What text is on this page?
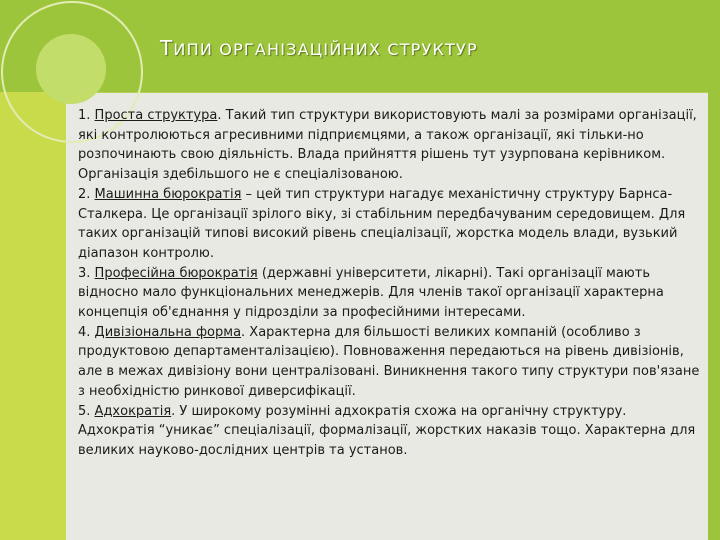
ТИПИ ОРГАНІЗАЦІЙНИХ СТРУКТУР

1. Проста структура. Такий тип структури використовують малі за розмірами організації, які контролюються агресивними підприємцями, а також організації, які тільки-но розпочинають свою діяльність. Влада прийняття рішень тут узурпована керівником. Організація здебільшого не є спеціалізованою.

2. Машинна бюрократія – цей тип структури нагадує механістичну структуру Барнса-Сталкера. Це організації зрілого віку, зі стабільним передбачуваним середовищем. Для таких організацій типові високий рівень спеціалізації, жорстка модель влади, вузький діапазон контролю.

3. Професійна бюрократія (державні університети, лікарні). Такі організації мають відносно мало функціональних менеджерів. Для членів такої організації характерна концепція об'єднання у підрозділи за професійними інтересами.

4. Дивізіональна форма. Характерна для більшості великих компаній (особливо з продуктовою департаменталізацією). Повноваження передаються на рівень дивізіонів, але в межах дивізіону вони централізовані. Виникнення такого типу структури пов'язане з необхідністю ринкової диверсифікації.

5. Адхократія. У широкому розумінні адхократія схожа на органічну структуру. Адхократія “уникає” спеціалізації, формалізації, жорстких наказів тощо. Характерна для великих науково-дослідних центрів та установ.
